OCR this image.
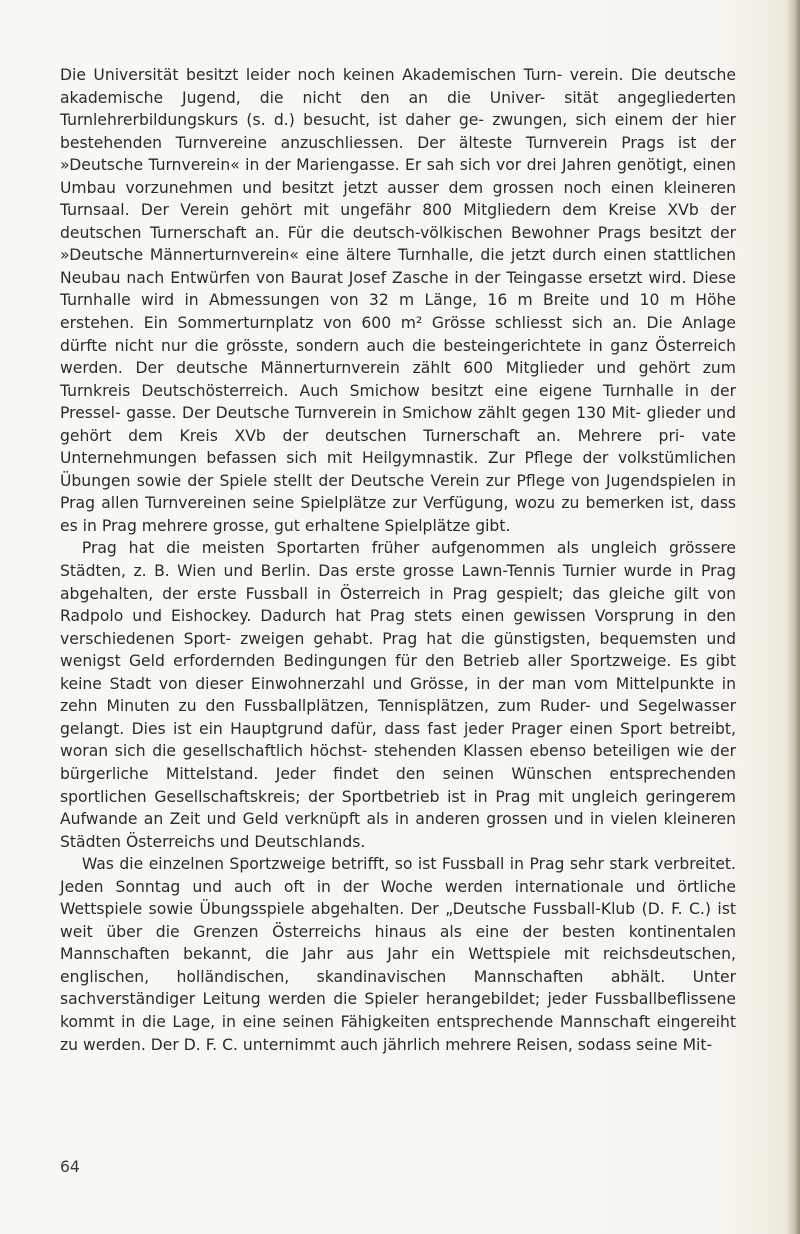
Die Universität besitzt leider noch keinen Akademischen Turn- verein. Die deutsche akademische Jugend, die nicht den an die Univer- sität angegliederten Turnlehrerbildungskurs (s. d.) besucht, ist daher ge- zwungen, sich einem der hier bestehenden Turnvereine anzuschliessen. Der älteste Turnverein Prags ist der »Deutsche Turnverein« in der Mariengasse. Er sah sich vor drei Jahren genötigt, einen Umbau vorzunehmen und besitzt jetzt ausser dem grossen noch einen kleineren Turnsaal. Der Verein gehört mit ungefähr 800 Mitgliedern dem Kreise XVb der deutschen Turnerschaft an. Für die deutsch-völkischen Bewohner Prags besitzt der »Deutsche Männerturnverein« eine ältere Turnhalle, die jetzt durch einen stattlichen Neubau nach Entwürfen von Baurat Josef Zasche in der Teingasse ersetzt wird. Diese Turnhalle wird in Abmessungen von 32 m Länge, 16 m Breite und 10 m Höhe erstehen. Ein Sommerturnplatz von 600 m² Grösse schliesst sich an. Die Anlage dürfte nicht nur die grösste, sondern auch die besteingerichtete in ganz Österreich werden. Der deutsche Männerturnverein zählt 600 Mitglieder und gehört zum Turnkreis Deutschösterreich. Auch Smichow besitzt eine eigene Turnhalle in der Pressel- gasse. Der Deutsche Turnverein in Smichow zählt gegen 130 Mit- glieder und gehört dem Kreis XVb der deutschen Turnerschaft an. Mehrere pri- vate Unternehmungen befassen sich mit Heilgymnastik. Zur Pflege der volkstümlichen Übungen sowie der Spiele stellt der Deutsche Verein zur Pflege von Jugendspielen in Prag allen Turnvereinen seine Spielplätze zur Verfügung, wozu zu bemerken ist, dass es in Prag mehrere grosse, gut erhaltene Spielplätze gibt.

Prag hat die meisten Sportarten früher aufgenommen als ungleich grössere Städten, z. B. Wien und Berlin. Das erste grosse Lawn-Tennis Turnier wurde in Prag abgehalten, der erste Fussball in Österreich in Prag gespielt; das gleiche gilt von Radpolo und Eishockey. Dadurch hat Prag stets einen gewissen Vorsprung in den verschiedenen Sport- zweigen gehabt. Prag hat die günstigsten, bequemsten und wenigst Geld erfordernden Bedingungen für den Betrieb aller Sportzweige. Es gibt keine Stadt von dieser Einwohnerzahl und Grösse, in der man vom Mittelpunkte in zehn Minuten zu den Fussballplätzen, Tennisplätzen, zum Ruder- und Segelwasser gelangt. Dies ist ein Hauptgrund dafür, dass fast jeder Prager einen Sport betreibt, woran sich die gesellschaftlich höchst- stehenden Klassen ebenso beteiligen wie der bürgerliche Mittelstand. Jeder findet den seinen Wünschen entsprechenden sportlichen Gesellschaftskreis; der Sportbetrieb ist in Prag mit ungleich geringerem Aufwande an Zeit und Geld verknüpft als in anderen grossen und in vielen kleineren Städten Österreichs und Deutschlands.

Was die einzelnen Sportzweige betrifft, so ist Fussball in Prag sehr stark verbreitet. Jeden Sonntag und auch oft in der Woche werden internationale und örtliche Wettspiele sowie Übungsspiele abgehalten. Der „Deutsche Fussball-Klub (D. F. C.) ist weit über die Grenzen Österreichs hinaus als eine der besten kontinentalen Mannschaften bekannt, die Jahr aus Jahr ein Wettspiele mit reichsdeutschen, englischen, holländischen, skandinavischen Mannschaften abhält. Unter sachverständiger Leitung werden die Spieler herangebildet; jeder Fussballbeflissene kommt in die Lage, in eine seinen Fähigkeiten entsprechende Mannschaft eingereiht zu werden. Der D. F. C. unternimmt auch jährlich mehrere Reisen, sodass seine Mit-

64
